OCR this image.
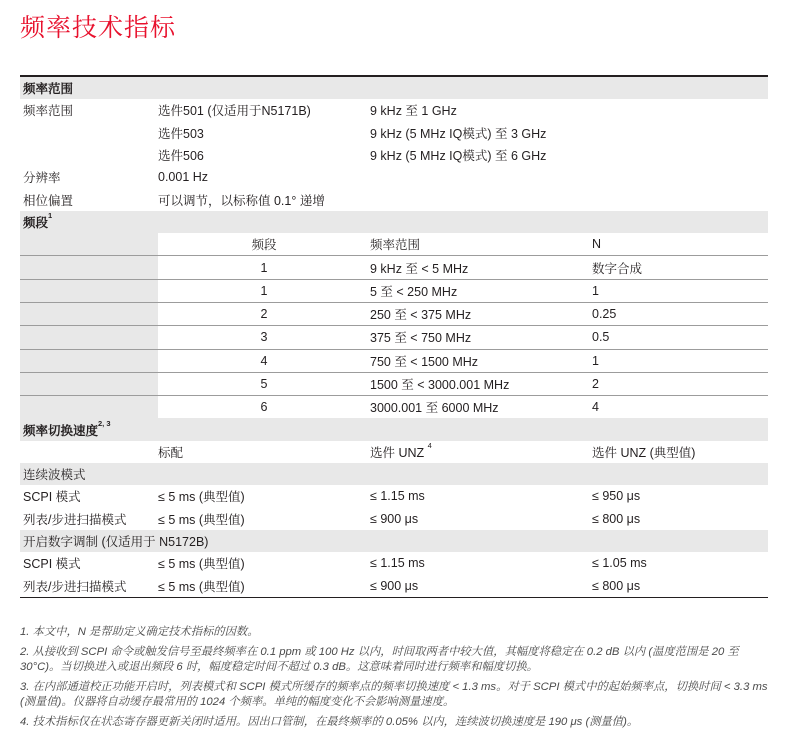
频率技术指标
频率范围			
频率范围	选件501 (仅适用于N5171B)	9 kHz 至 1 GHz	
	选件503	9 kHz (5 MHz IQ模式) 至 3 GHz	
	选件506	9 kHz (5 MHz IQ模式) 至 6 GHz	
分辨率	0.001 Hz		
相位偏置	可以调节，以标称值 0.1° 递增		
频段$^1$
	频段	频率范围	N
	1	9 kHz 至 < 5 MHz	数字合成
	1	5 至 < 250 MHz	1
	2	250 至 < 375 MHz	0.25
	3	375 至 < 750 MHz	0.5
	4	750 至 < 1500 MHz	1
	5	1500 至 < 3000.001 MHz	2
	6	3000.001 至 6000 MHz	4
频率切换速度$^{2, 3}$
	标配	选件 UNZ $^4$	选件 UNZ (典型值)
连续波模式			
SCPI 模式	≤ 5 ms (典型值)	≤ 1.15 ms	≤ 950 μs
列表/步进扫描模式	≤ 5 ms (典型值)	≤ 900 μs	≤ 800 μs
开启数字调制 (仅适用于 N5172B)			
SCPI 模式	≤ 5 ms (典型值)	≤ 1.15 ms	≤ 1.05 ms
列表/步进扫描模式	≤ 5 ms (典型值)	≤ 900 μs	≤ 800 μs

1. 本文中，N 是帮助定义确定技术指标的因数。

2. 从接收到 SCPI 命令或触发信号至最终频率在 0.1 ppm 或 100 Hz 以内，时间取两者中较大值，其幅度将稳定在 0.2 dB 以内 (温度范围是 20 至 30°C)。当切换进入或退出频段 6 时，幅度稳定时间不超过 0.3 dB。这意味着同时进行频率和幅度切换。

3. 在内部通道校正功能开启时，列表模式和 SCPI 模式所缓存的频率点的频率切换速度 < 1.3 ms。对于 SCPI 模式中的起始频率点，切换时间 < 3.3 ms (测量值)。仪器将自动缓存最常用的 1024 个频率。单纯的幅度变化不会影响测量速度。

4. 技术指标仅在状态寄存器更新关闭时适用。因出口管制，在最终频率的 0.05% 以内，连续波切换速度是 190 μs (测量值)。
